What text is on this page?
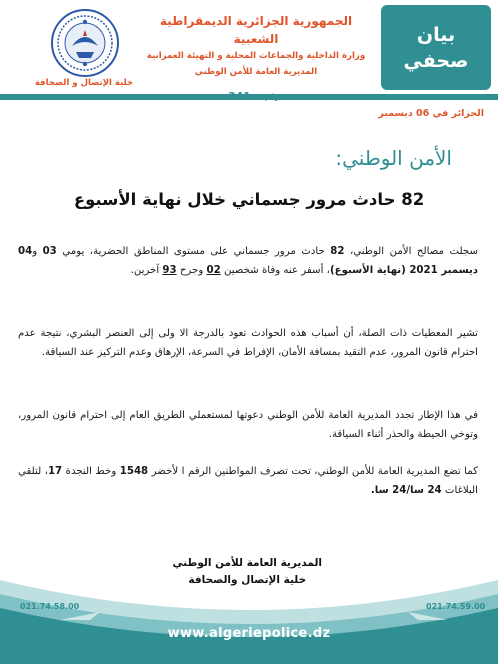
بيان
صحفي
الجمهورية الجزائرية الديمقراطية الشعبية
وزارة الداخلية والجماعات المحلية و التهيئة العمرانية
المديرية العامة للأمن الوطني
خلية الإتصال و الصحافة
رقم :
341
الجزائر في 06 ديسمبر
الأمن الوطني:
82 حادث مرور جسماني خلال نهاية الأسبوع

سجلت مصالح الأمن الوطني، 82 حادث مرور جسماني على مستوى المناطق الحضرية، يومي 03 و04 ديسمبر 2021 (نهاية الأسبوع)، أسفر عنه وفاة شخصين 02 وجرح 93 آخرين.

تشير المعطيات ذات الصلة، أن أسباب هذه الحوادث تعود بالدرجة الا ولى إلى العنصر البشري، نتيجة عدم احترام قانون المرور، عدم التقيد بمسافة الأمان، الإفراط في السرعة، الإرهاق وعدم التركيز عند السياقة.

في هذا الإطار تجدد المديرية العامة للأمن الوطني دعوتها لمستعملي الطريق العام إلى احترام قانون المرور، وتوخي الحيطة والحذر أثناء السياقة.

كما تضع المديرية العامة للأمن الوطني، تحت تصرف المواطنين الرقم ا لأخضر 1548 وخط النجدة 17، لتلقي البلاغات 24 سا/24 سا.

المديرية العامة للأمن الوطني
خلية الإتصال والصحافة
021.74.59.00
021.74.58.00
www.algeriepolice.dz
